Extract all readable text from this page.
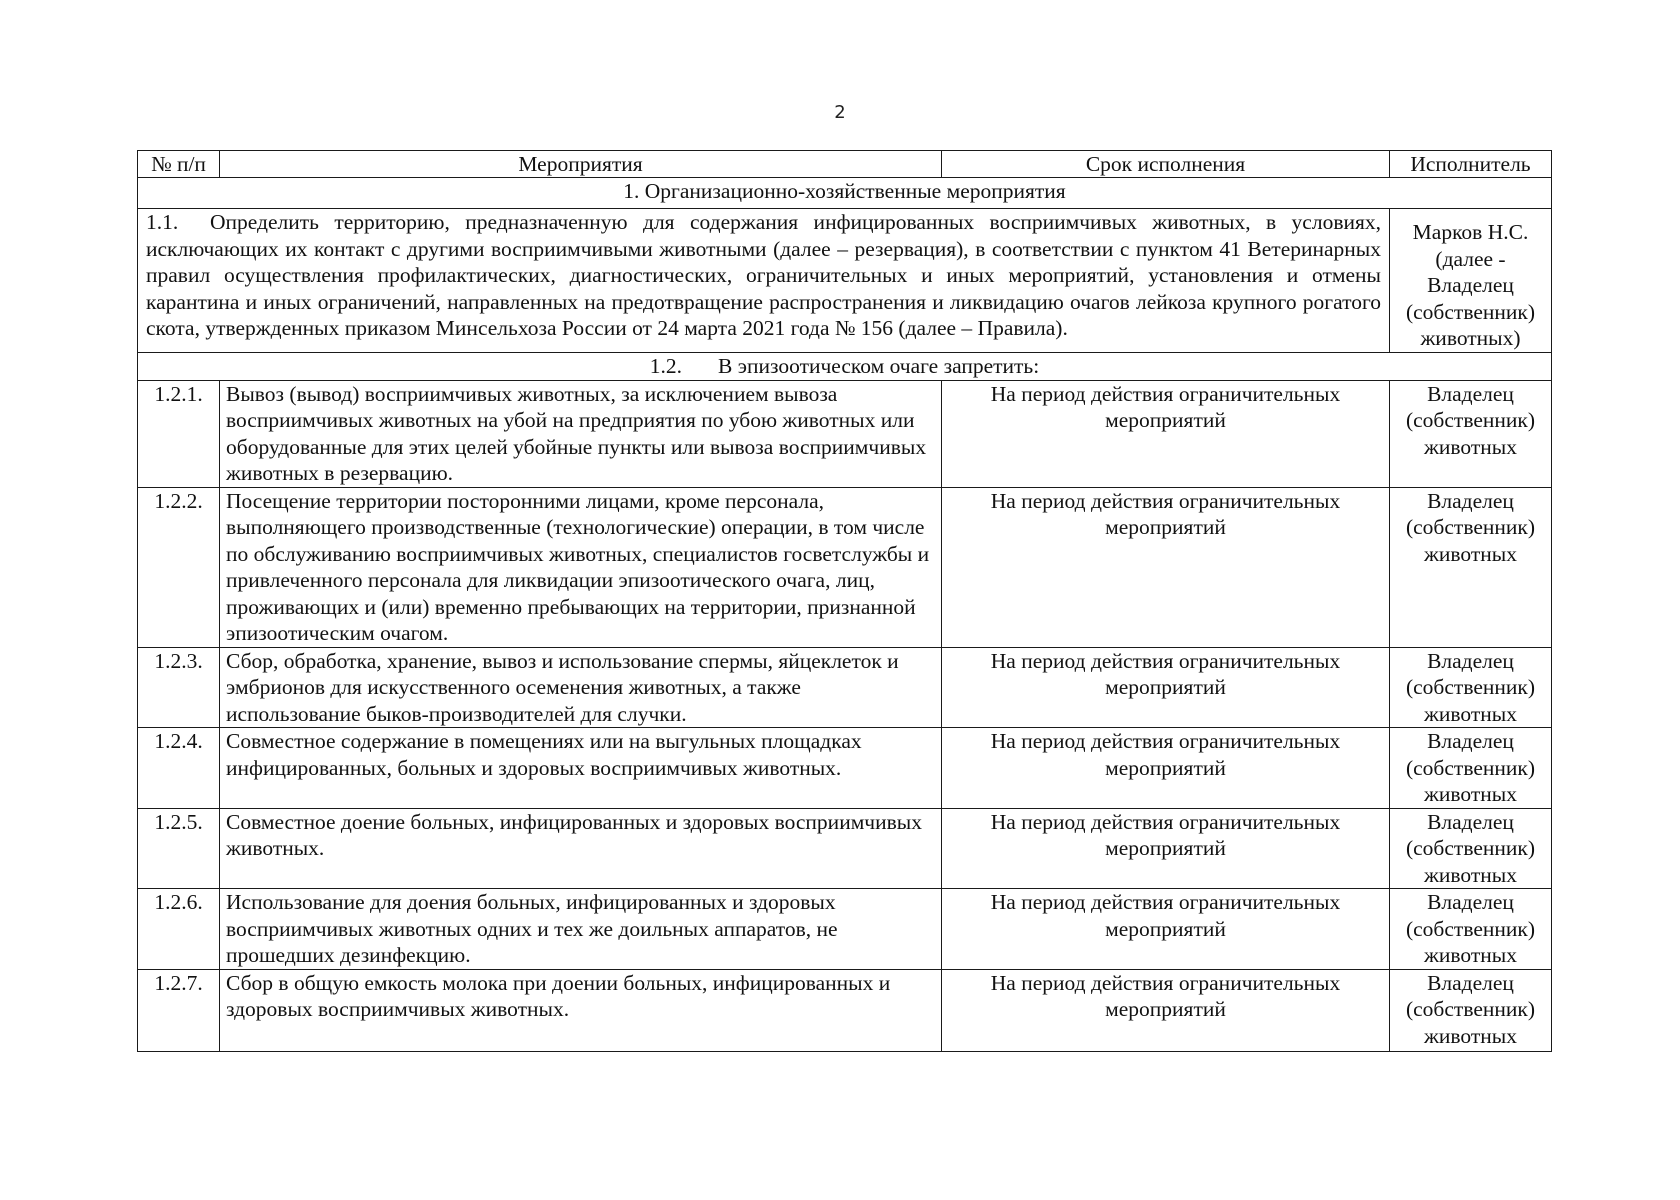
2
№ п/п	Мероприятия	Срок исполнения	Исполнитель
1. Организационно-хозяйственные мероприятия			
1.1. Определить территорию, предназначенную для содержания инфицированных восприимчивых животных, в условиях, исключающих их контакт с другими восприимчивыми животными (далее – резервация), в соответствии с пунктом 41 Ветеринарных правил осуществления профилактических, диагностических, ограничительных и иных мероприятий, установления и отмены карантина и иных ограничений, направленных на предотвращение распространения и ликвидацию очагов лейкоза крупного рогатого скота, утвержденных приказом Минсельхоза России от 24 марта 2021 года № 156 (далее – Правила).			Марков Н.С. (далее - Владелец (собственник) животных)
1.2. В эпизоотическом очаге запретить:			
1.2.1.	Вывоз (вывод) восприимчивых животных, за исключением вывоза восприимчивых животных на убой на предприятия по убою животных или оборудованные для этих целей убойные пункты или вывоза восприимчивых животных в резервацию.	На период действия ограничительных мероприятий	Владелец (собственник) животных
1.2.2.	Посещение территории посторонними лицами, кроме персонала, выполняющего производственные (технологические) операции, в том числе по обслуживанию восприимчивых животных, специалистов госветслужбы и привлеченного персонала для ликвидации эпизоотического очага, лиц, проживающих и (или) временно пребывающих на территории, признанной эпизоотическим очагом.	На период действия ограничительных мероприятий	Владелец (собственник) животных
1.2.3.	Сбор, обработка, хранение, вывоз и использование спермы, яйцеклеток и эмбрионов для искусственного осеменения животных, а также использование быков-производителей для случки.	На период действия ограничительных мероприятий	Владелец (собственник) животных
1.2.4.	Совместное содержание в помещениях или на выгульных площадках инфицированных, больных и здоровых восприимчивых животных.	На период действия ограничительных мероприятий	Владелец (собственник) животных
1.2.5.	Совместное доение больных, инфицированных и здоровых восприимчивых животных.	На период действия ограничительных мероприятий	Владелец (собственник) животных
1.2.6.	Использование для доения больных, инфицированных и здоровых восприимчивых животных одних и тех же доильных аппаратов, не прошедших дезинфекцию.	На период действия ограничительных мероприятий	Владелец (собственник) животных
1.2.7.	Сбор в общую емкость молока при доении больных, инфицированных и здоровых восприимчивых животных.	На период действия ограничительных мероприятий	Владелец (собственник) животных
